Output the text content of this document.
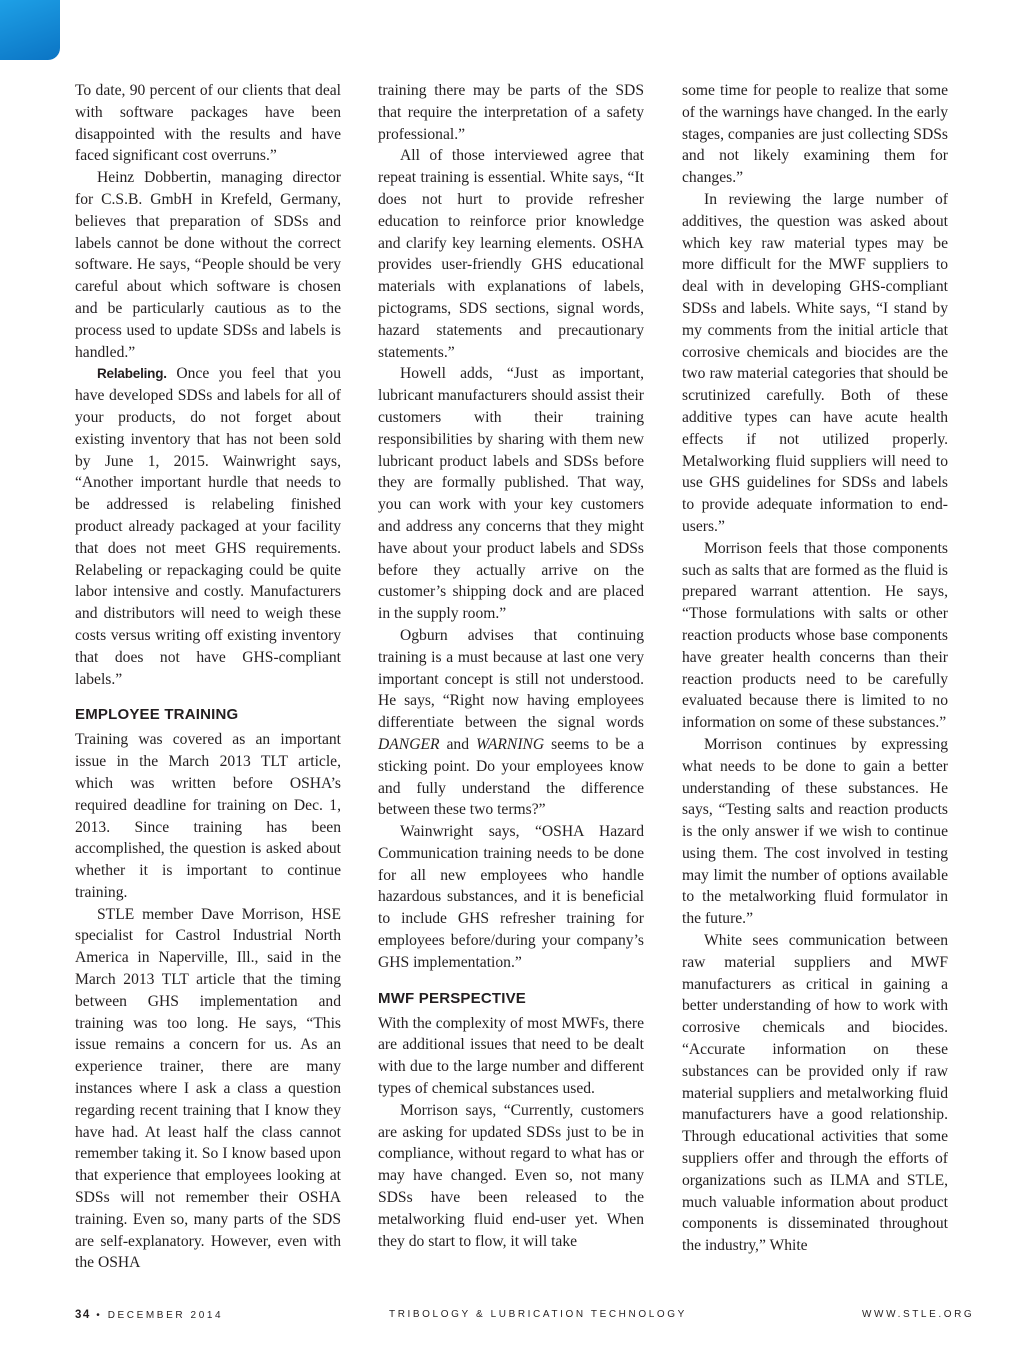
To date, 90 percent of our clients that deal with software packages have been disappointed with the results and have faced significant cost overruns.”

Heinz Dobbertin, managing director for C.S.B. GmbH in Krefeld, Germany, believes that preparation of SDSs and labels cannot be done without the correct software. He says, “People should be very careful about which software is chosen and be particularly cautious as to the process used to update SDSs and labels is handled.”

Relabeling. Once you feel that you have developed SDSs and labels for all of your products, do not forget about existing inventory that has not been sold by June 1, 2015. Wainwright says, “Another important hurdle that needs to be addressed is relabeling finished product already packaged at your facility that does not meet GHS requirements. Relabeling or repackaging could be quite labor intensive and costly. Manufacturers and distributors will need to weigh these costs versus writing off existing inventory that does not have GHS-compliant labels.”

EMPLOYEE TRAINING

Training was covered as an important issue in the March 2013 TLT article, which was written before OSHA’s required deadline for training on Dec. 1, 2013. Since training has been accomplished, the question is asked about whether it is important to continue training.

STLE member Dave Morrison, HSE specialist for Castrol Industrial North America in Naperville, Ill., said in the March 2013 TLT article that the timing between GHS implementation and training was too long. He says, “This issue remains a concern for us. As an experience trainer, there are many instances where I ask a class a question regarding recent training that I know they have had. At least half the class cannot remember taking it. So I know based upon that experience that employees looking at SDSs will not remember their OSHA training. Even so, many parts of the SDS are self-explanatory. However, even with the OSHA

training there may be parts of the SDS that require the interpretation of a safety professional.”

All of those interviewed agree that repeat training is essential. White says, “It does not hurt to provide refresher education to reinforce prior knowledge and clarify key learning elements. OSHA provides user-friendly GHS educational materials with explanations of labels, pictograms, SDS sections, signal words, hazard statements and precautionary statements.”

Howell adds, “Just as important, lubricant manufacturers should assist their customers with their training responsibilities by sharing with them new lubricant product labels and SDSs before they are formally published. That way, you can work with your key customers and address any concerns that they might have about your product labels and SDSs before they actually arrive on the customer’s shipping dock and are placed in the supply room.”

Ogburn advises that continuing training is a must because at last one very important concept is still not understood. He says, “Right now having employees differentiate between the signal words DANGER and WARNING seems to be a sticking point. Do your employees know and fully understand the difference between these two terms?”

Wainwright says, “OSHA Hazard Communication training needs to be done for all new employees who handle hazardous substances, and it is beneficial to include GHS refresher training for employees before/during your company’s GHS implementation.”

MWF PERSPECTIVE

With the complexity of most MWFs, there are additional issues that need to be dealt with due to the large number and different types of chemical substances used.

Morrison says, “Currently, customers are asking for updated SDSs just to be in compliance, without regard to what has or may have changed. Even so, not many SDSs have been released to the metalworking fluid end-user yet. When they do start to flow, it will take

some time for people to realize that some of the warnings have changed. In the early stages, companies are just collecting SDSs and not likely examining them for changes.”

In reviewing the large number of additives, the question was asked about which key raw material types may be more difficult for the MWF suppliers to deal with in developing GHS-compliant SDSs and labels. White says, “I stand by my comments from the initial article that corrosive chemicals and biocides are the two raw material categories that should be scrutinized carefully. Both of these additive types can have acute health effects if not utilized properly. Metalworking fluid suppliers will need to use GHS guidelines for SDSs and labels to provide adequate information to end-users.”

Morrison feels that those components such as salts that are formed as the fluid is prepared warrant attention. He says, “Those formulations with salts or other reaction products whose base components have greater health concerns than their reaction products need to be carefully evaluated because there is limited to no information on some of these substances.”

Morrison continues by expressing what needs to be done to gain a better understanding of these substances. He says, “Testing salts and reaction products is the only answer if we wish to continue using them. The cost involved in testing may limit the number of options available to the metalworking fluid formulator in the future.”

White sees communication between raw material suppliers and MWF manufacturers as critical in gaining a better understanding of how to work with corrosive chemicals and biocides. “Accurate information on these substances can be provided only if raw material suppliers and metalworking fluid manufacturers have a good relationship. Through educational activities that some suppliers offer and through the efforts of organizations such as ILMA and STLE, much valuable information about product components is disseminated throughout the industry,” White

34 • DECEMBER 2014	TRIBOLOGY & LUBRICATION TECHNOLOGY	WWW.STLE.ORG
